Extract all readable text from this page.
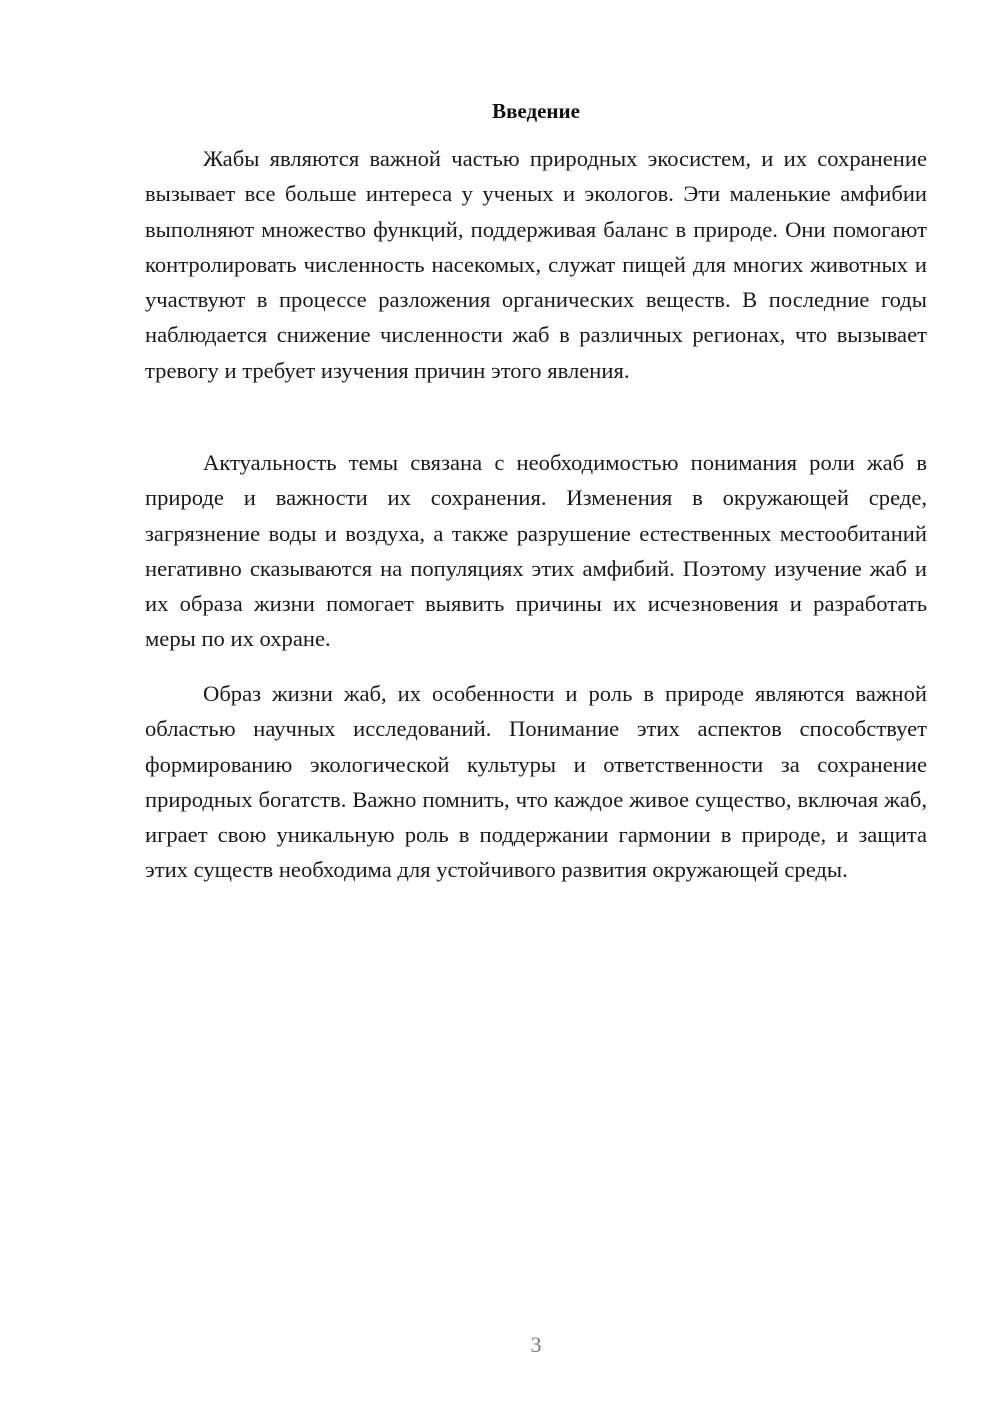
Введение

Жабы являются важной частью природных экосистем, и их сохранение вызывает все больше интереса у ученых и экологов. Эти маленькие амфибии выполняют множество функций, поддерживая баланс в природе. Они помогают контролировать численность насекомых, служат пищей для многих животных и участвуют в процессе разложения органических веществ. В последние годы наблюдается снижение численности жаб в различных регионах, что вызывает тревогу и требует изучения причин этого явления.

Актуальность темы связана с необходимостью понимания роли жаб в природе и важности их сохранения. Изменения в окружающей среде, загрязнение воды и воздуха, а также разрушение естественных местообитаний негативно сказываются на популяциях этих амфибий. Поэтому изучение жаб и их образа жизни помогает выявить причины их исчезновения и разработать меры по их охране.

Образ жизни жаб, их особенности и роль в природе являются важной областью научных исследований. Понимание этих аспектов способствует формированию экологической культуры и ответственности за сохранение природных богатств. Важно помнить, что каждое живое существо, включая жаб, играет свою уникальную роль в поддержании гармонии в природе, и защита этих существ необходима для устойчивого развития окружающей среды.

3
